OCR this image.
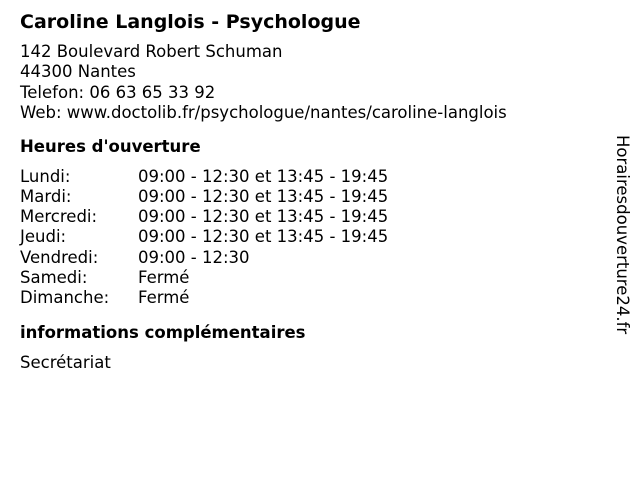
Caroline Langlois - Psychologue
142 Boulevard Robert Schuman
44300 Nantes
Telefon: 06 63 65 33 92
Web: www.doctolib.fr/psychologue/nantes/caroline-langlois
Heures d'ouverture
Lundi:	09:00 - 12:30 et 13:45 - 19:45
Mardi:	09:00 - 12:30 et 13:45 - 19:45
Mercredi:	09:00 - 12:30 et 13:45 - 19:45
Jeudi:	09:00 - 12:30 et 13:45 - 19:45
Vendredi:	09:00 - 12:30
Samedi:	Fermé
Dimanche:	Fermé
informations complémentaires
Secrétariat
Horairesdouverture24.fr
